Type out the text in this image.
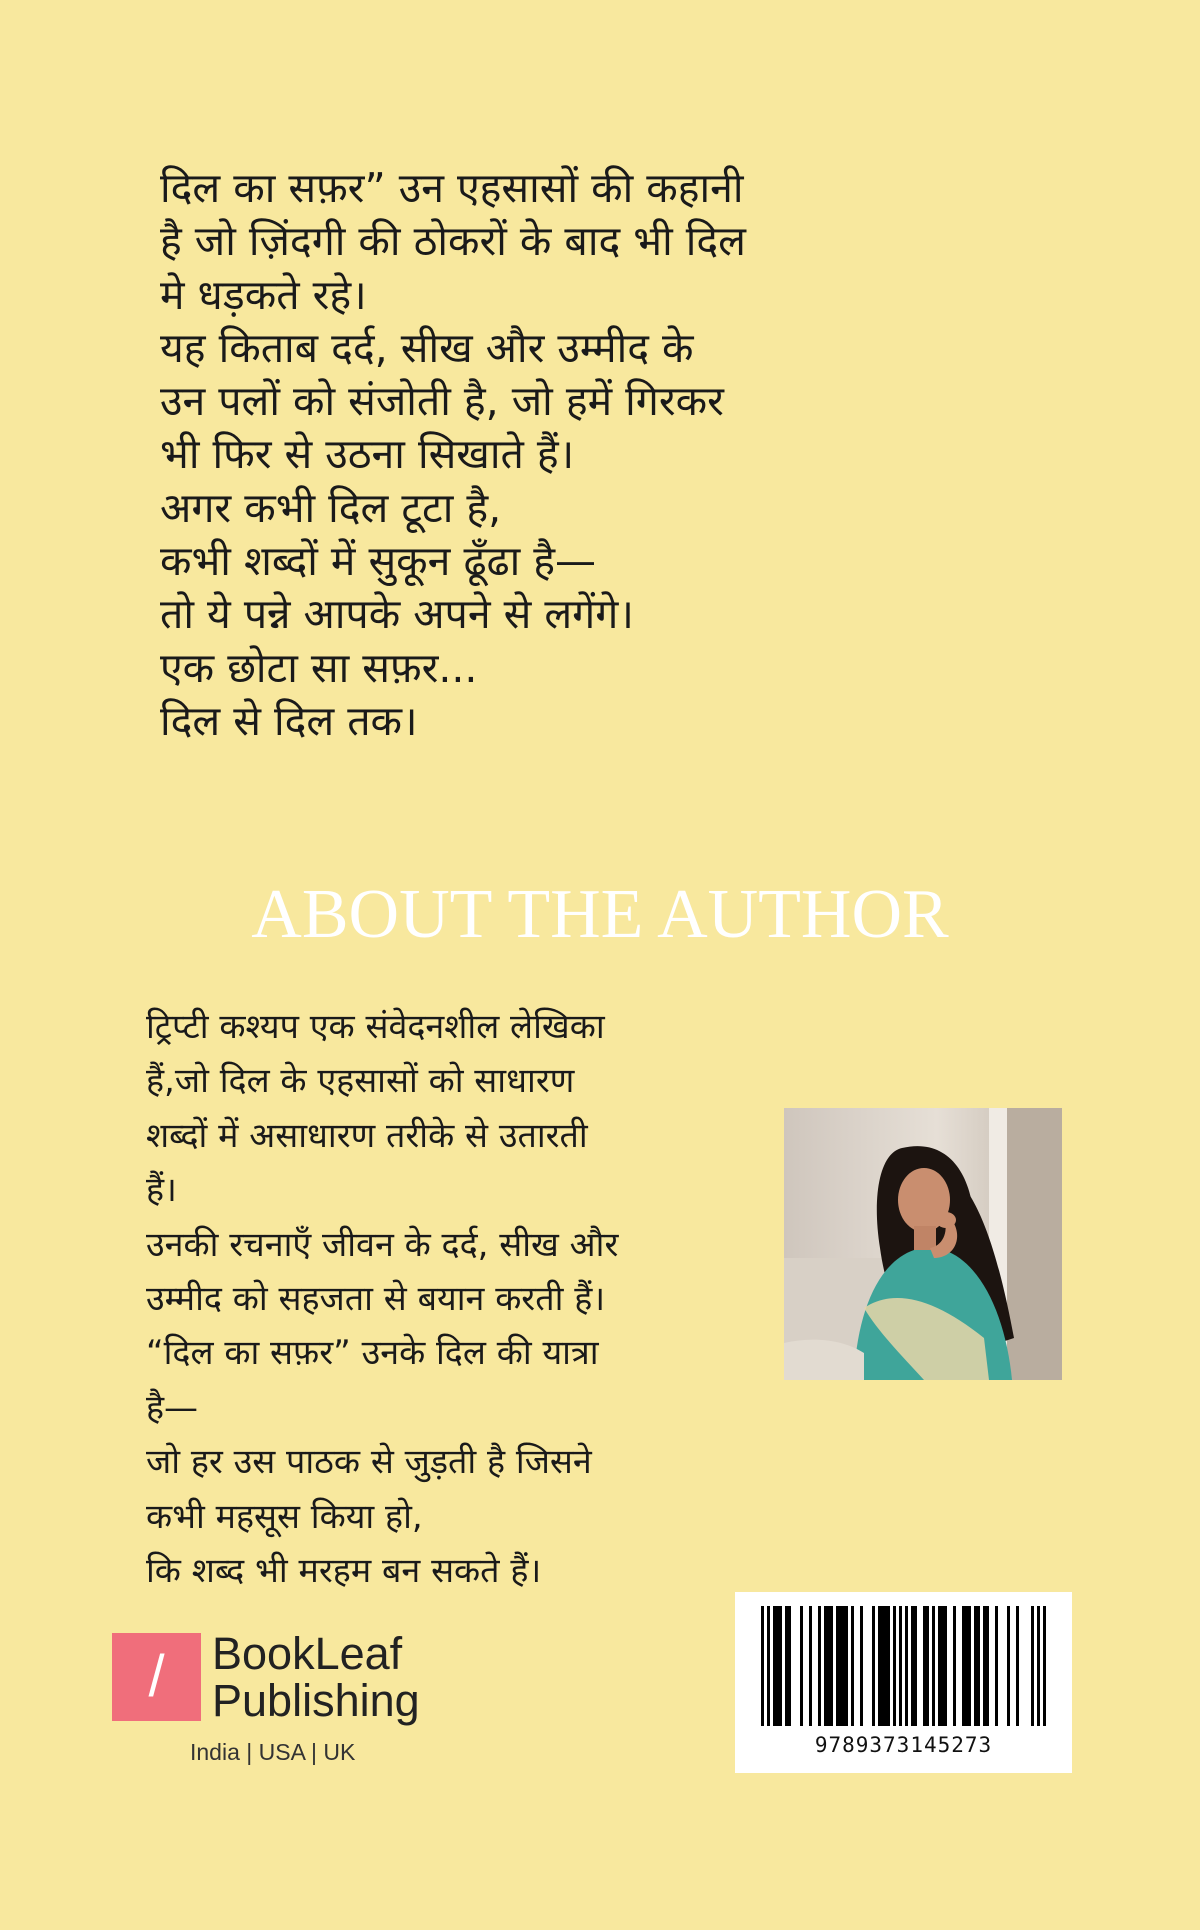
दिल का सफ़र” उन एहसासों की कहानी
है जो ज़िंदगी की ठोकरों के बाद भी दिल
मे धड़कते रहे।
यह किताब दर्द, सीख और उम्मीद के
उन पलों को संजोती है, जो हमें गिरकर
भी फिर से उठना सिखाते हैं।
अगर कभी दिल टूटा है,
कभी शब्दों में सुकून ढूँढा है—
तो ये पन्ने आपके अपने से लगेंगे।
एक छोटा सा सफ़र...
दिल से दिल तक।
ABOUT THE AUTHOR
ट्रिप्टी कश्यप एक संवेदनशील लेखिका
हैं,जो दिल के एहसासों को साधारण
शब्दों में असाधारण तरीके से उतारती
हैं।
उनकी रचनाएँ जीवन के दर्द, सीख और
उम्मीद को सहजता से बयान करती हैं।
“दिल का सफ़र” उनके दिल की यात्रा
है—
जो हर उस पाठक से जुड़ती है जिसने
कभी महसूस किया हो,
कि शब्द भी मरहम बन सकते हैं।
/	BookLeaf
Publishing
India | USA | UK	9789373145273
